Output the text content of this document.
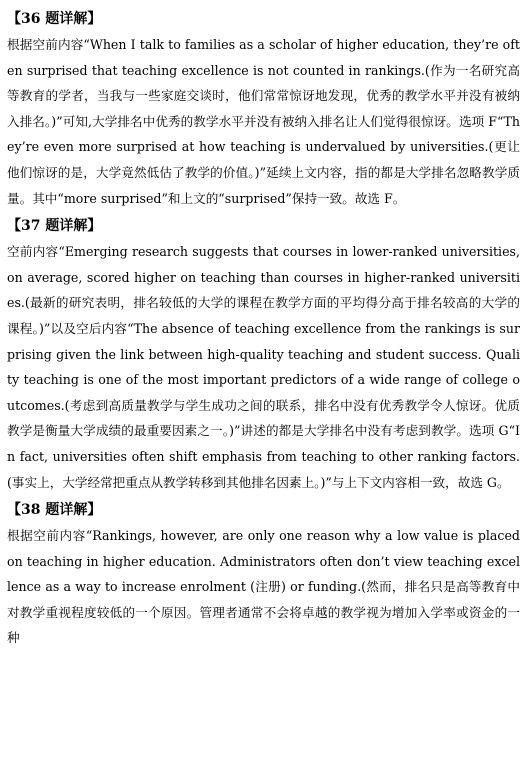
【36 题详解】

根据空前内容“When I talk to families as a scholar of higher education, they’re often surprised that teaching excellence is not counted in rankings.(作为一名研究高等教育的学者，当我与一些家庭交谈时，他们常常惊讶地发现，优秀的教学水平并没有被纳入排名。)”可知,大学排名中优秀的教学水平并没有被纳入排名让人们觉得很惊讶。选项 F“They’re even more surprised at how teaching is undervalued by universities.(更让他们惊讶的是，大学竟然低估了教学的价值。)”延续上文内容，指的都是大学排名忽略教学质量。其中“more surprised”和上文的“surprised”保持一致。故选 F。

【37 题详解】

空前内容“Emerging research suggests that courses in lower-ranked universities, on average, scored higher on teaching than courses in higher-ranked universities.(最新的研究表明，排名较低的大学的课程在教学方面的平均得分高于排名较高的大学的课程。)”以及空后内容“The absence of teaching excellence from the rankings is surprising given the link between high-quality teaching and student success. Quality teaching is one of the most important predictors of a wide range of college outcomes.(考虑到高质量教学与学生成功之间的联系，排名中没有优秀教学令人惊讶。优质教学是衡量大学成绩的最重要因素之一。)”讲述的都是大学排名中没有考虑到教学。选项 G“In fact, universities often shift emphasis from teaching to other ranking factors.(事实上，大学经常把重点从教学转移到其他排名因素上。)”与上下文内容相一致，故选 G。

【38 题详解】

根据空前内容“Rankings, however, are only one reason why a low value is placed on teaching in higher education. Administrators often don’t view teaching excellence as a way to increase enrolment (注册) or funding.(然而，排名只是高等教育中对教学重视程度较低的一个原因。管理者通常不会将卓越的教学视为增加入学率或资金的一种
